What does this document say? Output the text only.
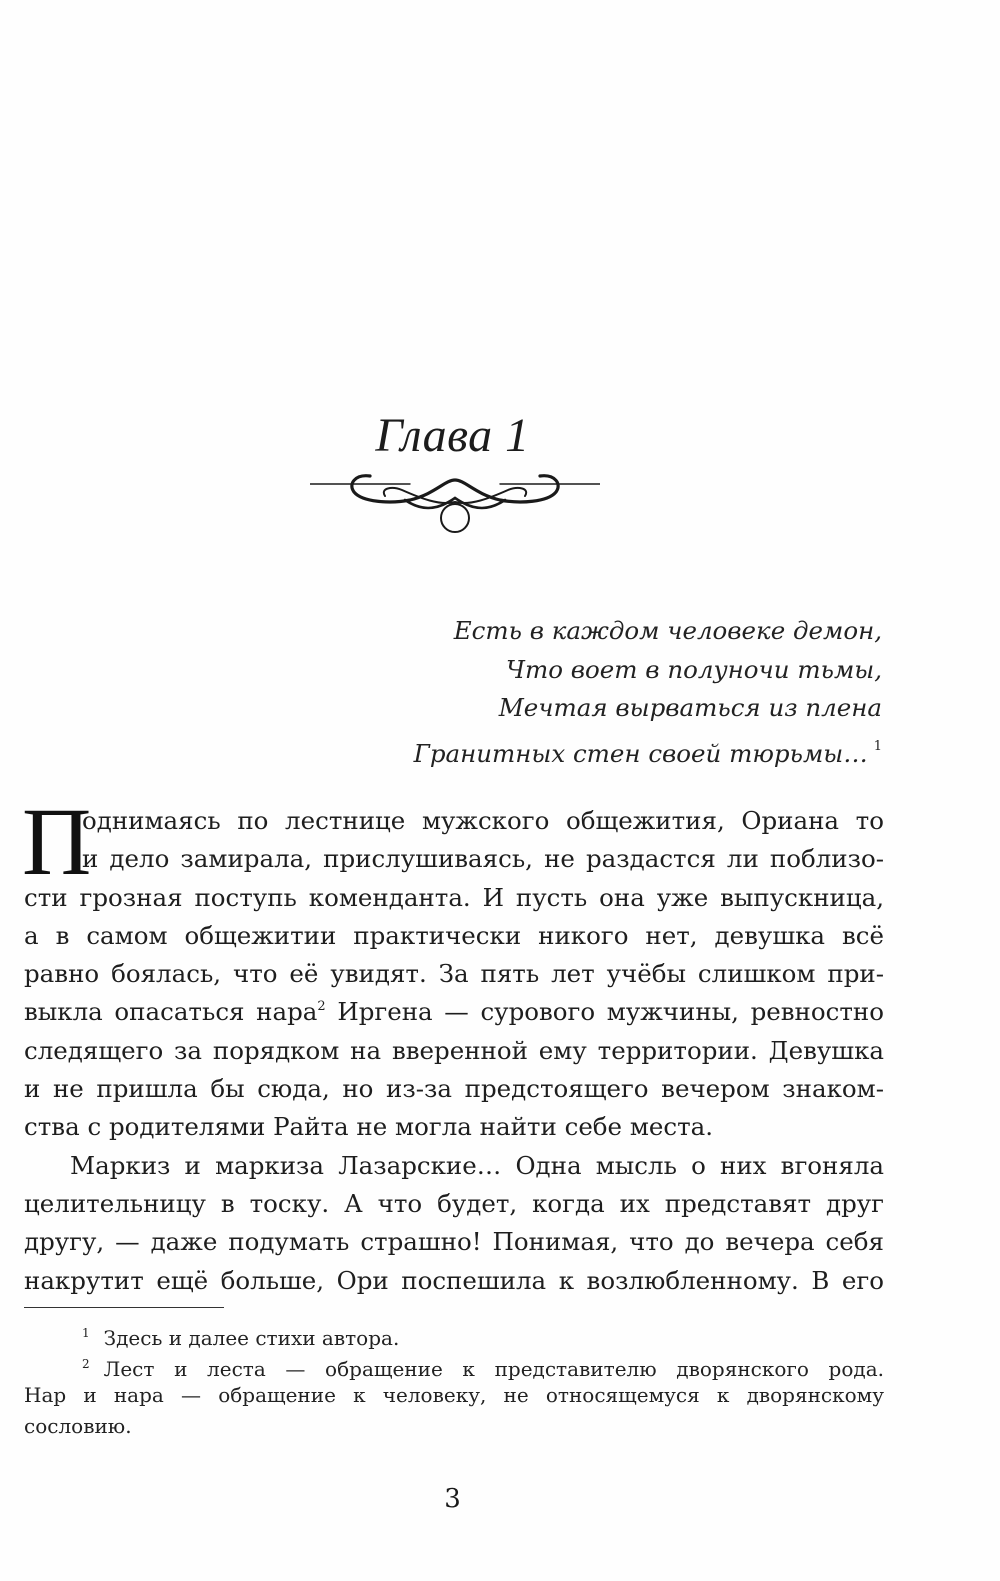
Глава 1
Есть в каждом человеке демон,
Что воет в полуночи тьмы,
Мечтая вырваться из плена
Гранитных стен своей тюрьмы… $^1$
П
однимаясь по лестнице мужского общежития, Ориана то
и дело замирала, прислушиваясь, не раздастся ли поблизо-
сти грозная поступь коменданта. И пусть она уже выпускница,
а в самом общежитии практически никого нет, девушка всё
равно боялась, что её увидят. За пять лет учёбы слишком при-
выкла опасаться нара$^2$ Иргена — сурового мужчины, ревностно
следящего за порядком на вверенной ему территории. Девушка
и не пришла бы сюда, но из-за предстоящего вечером знаком-
ства с родителями Райта не могла найти себе места.
Маркиз и маркиза Лазарские… Одна мысль о них вгоняла
целительницу в тоску. А что будет, когда их представят друг
другу, — даже подумать страшно! Понимая, что до вечера себя
накрутит ещё больше, Ори поспешила к возлюбленному. В его
1 Здесь и далее стихи автора.
2 Лест и леста — обращение к представителю дворянского рода.
Нар и нара — обращение к человеку, не относящемуся к дворянскому
сословию.
3
